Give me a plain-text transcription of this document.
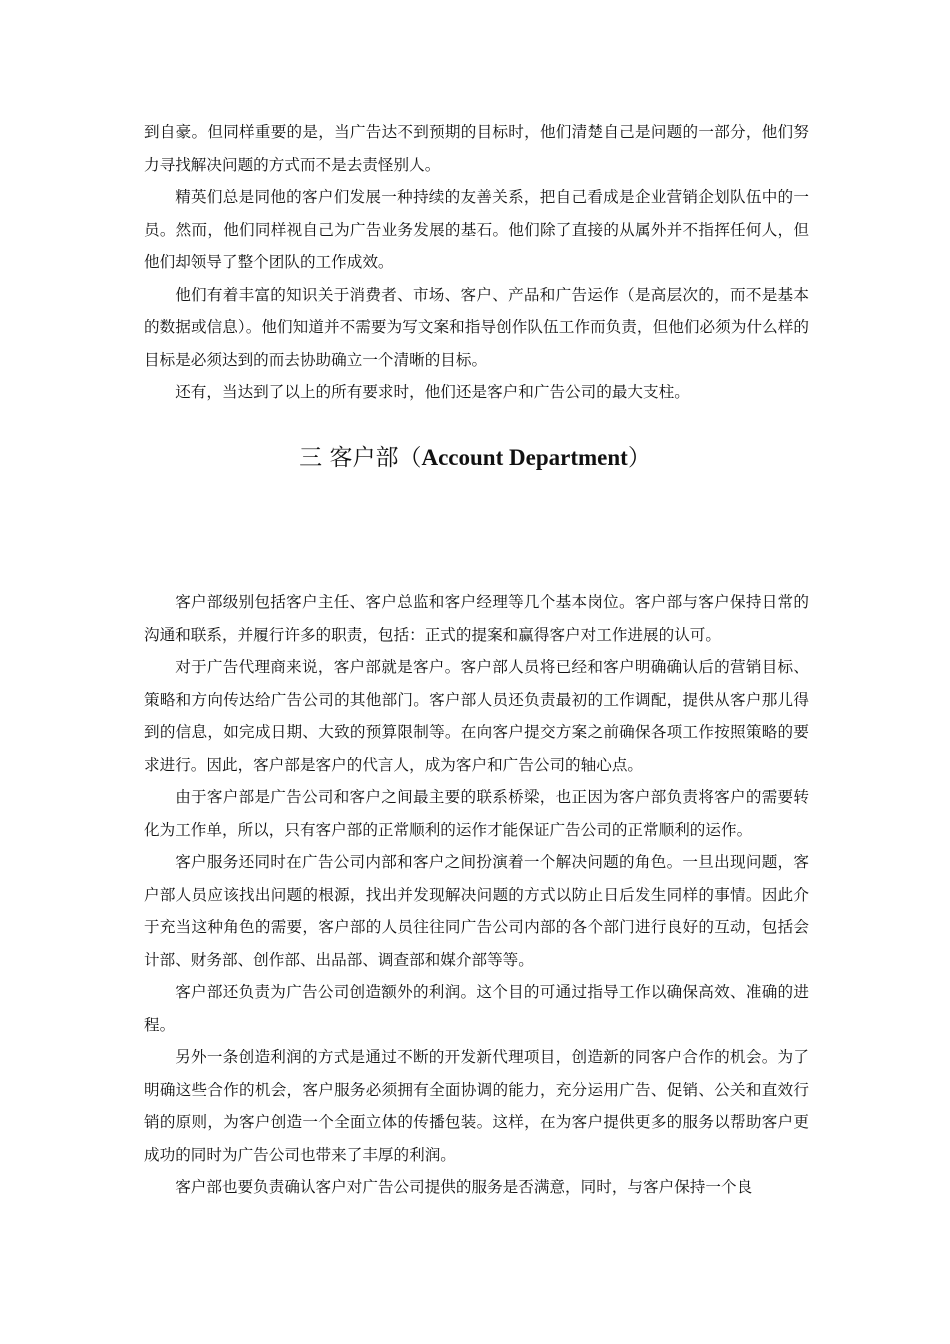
到自豪。但同样重要的是，当广告达不到预期的目标时，他们清楚自己是问题的一部分，他们努力寻找解决问题的方式而不是去责怪别人。

精英们总是同他的客户们发展一种持续的友善关系，把自己看成是企业营销企划队伍中的一员。然而，他们同样视自己为广告业务发展的基石。他们除了直接的从属外并不指挥任何人，但他们却领导了整个团队的工作成效。

他们有着丰富的知识关于消费者、市场、客户、产品和广告运作（是高层次的，而不是基本的数据或信息）。他们知道并不需要为写文案和指导创作队伍工作而负责，但他们必须为什么样的目标是必须达到的而去协助确立一个清晰的目标。

还有，当达到了以上的所有要求时，他们还是客户和广告公司的最大支柱。

三 客户部（Account Department）

客户部级别包括客户主任、客户总监和客户经理等几个基本岗位。客户部与客户保持日常的沟通和联系，并履行许多的职责，包括：正式的提案和赢得客户对工作进展的认可。

对于广告代理商来说，客户部就是客户。客户部人员将已经和客户明确确认后的营销目标、策略和方向传达给广告公司的其他部门。客户部人员还负责最初的工作调配，提供从客户那儿得到的信息，如完成日期、大致的预算限制等。在向客户提交方案之前确保各项工作按照策略的要求进行。因此，客户部是客户的代言人，成为客户和广告公司的轴心点。

由于客户部是广告公司和客户之间最主要的联系桥梁，也正因为客户部负责将客户的需要转化为工作单，所以，只有客户部的正常顺利的运作才能保证广告公司的正常顺利的运作。

客户服务还同时在广告公司内部和客户之间扮演着一个解决问题的角色。一旦出现问题，客户部人员应该找出问题的根源，找出并发现解决问题的方式以防止日后发生同样的事情。因此介于充当这种角色的需要，客户部的人员往往同广告公司内部的各个部门进行良好的互动，包括会计部、财务部、创作部、出品部、调查部和媒介部等等。

客户部还负责为广告公司创造额外的利润。这个目的可通过指导工作以确保高效、准确的进程。

另外一条创造利润的方式是通过不断的开发新代理项目，创造新的同客户合作的机会。为了明确这些合作的机会，客户服务必须拥有全面协调的能力，充分运用广告、促销、公关和直效行销的原则，为客户创造一个全面立体的传播包装。这样，在为客户提供更多的服务以帮助客户更成功的同时为广告公司也带来了丰厚的利润。

客户部也要负责确认客户对广告公司提供的服务是否满意，同时，与客户保持一个良
